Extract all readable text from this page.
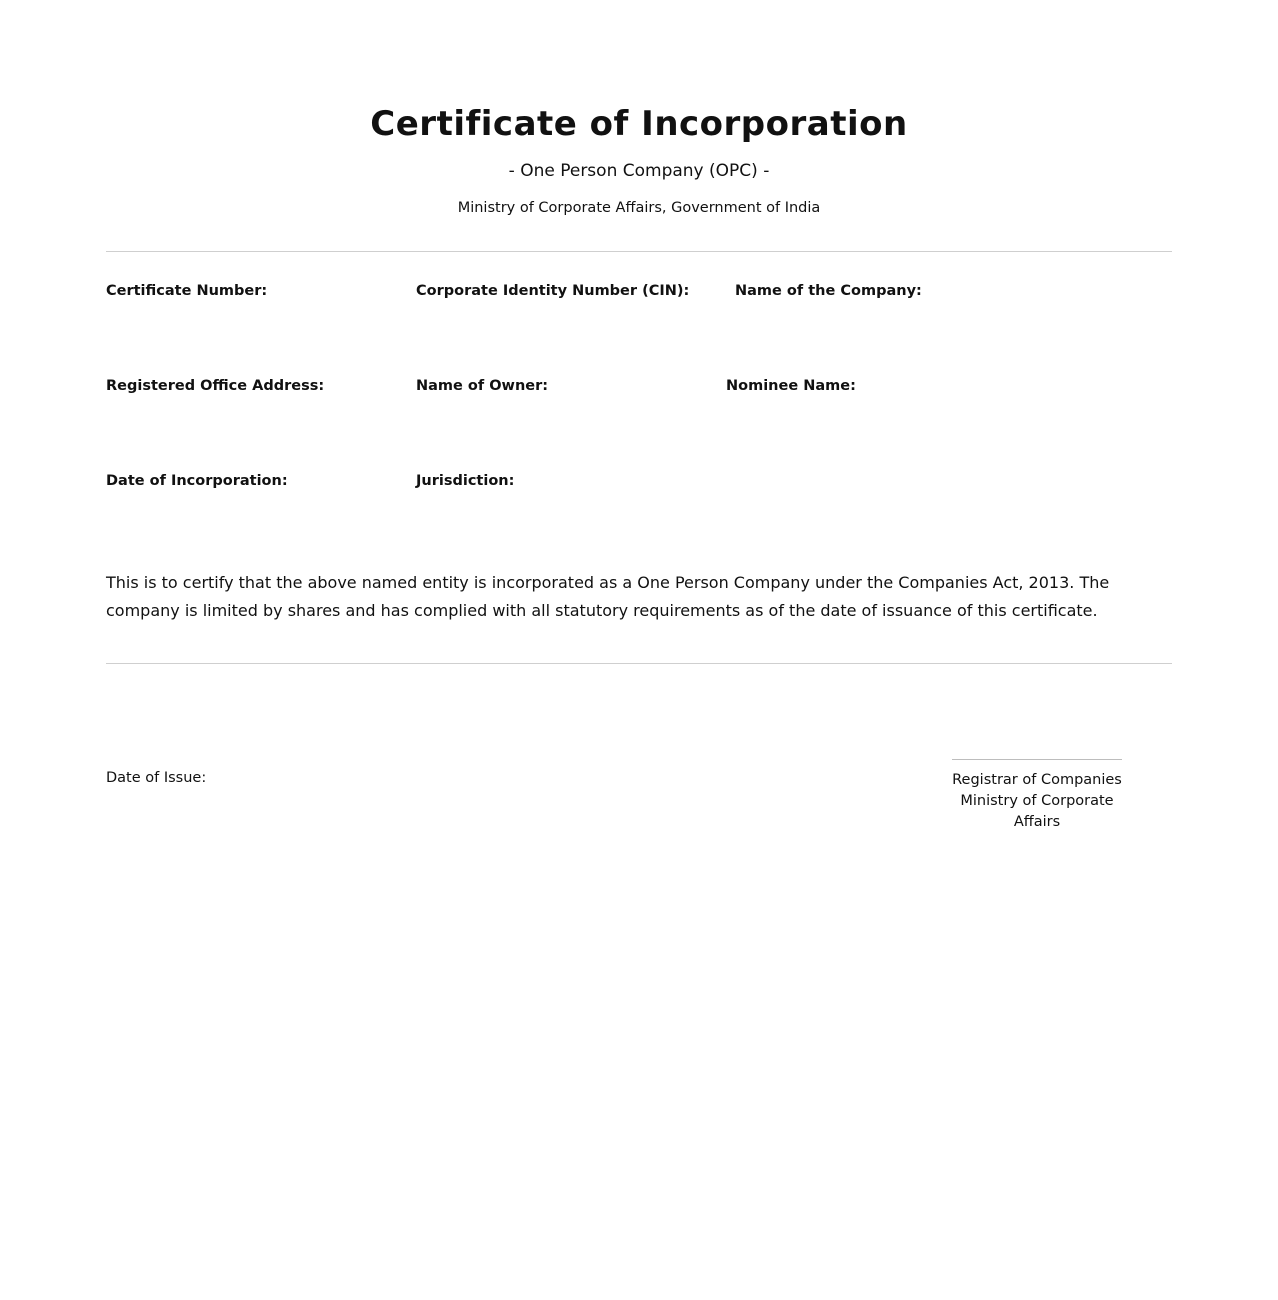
Certificate of Incorporation
- One Person Company (OPC) -
Ministry of Corporate Affairs, Government of India
Certificate Number:	Corporate Identity Number (CIN):	Name of the Company:
Registered Office Address:	Name of Owner:	Nominee Name:
Date of Incorporation:	Jurisdiction:
This is to certify that the above named entity is incorporated as a One Person Company under the Companies Act, 2013. The company is limited by shares and has complied with all statutory requirements as of the date of issuance of this certificate.
Date of Issue:	Registrar of Companies
Ministry of Corporate Affairs
